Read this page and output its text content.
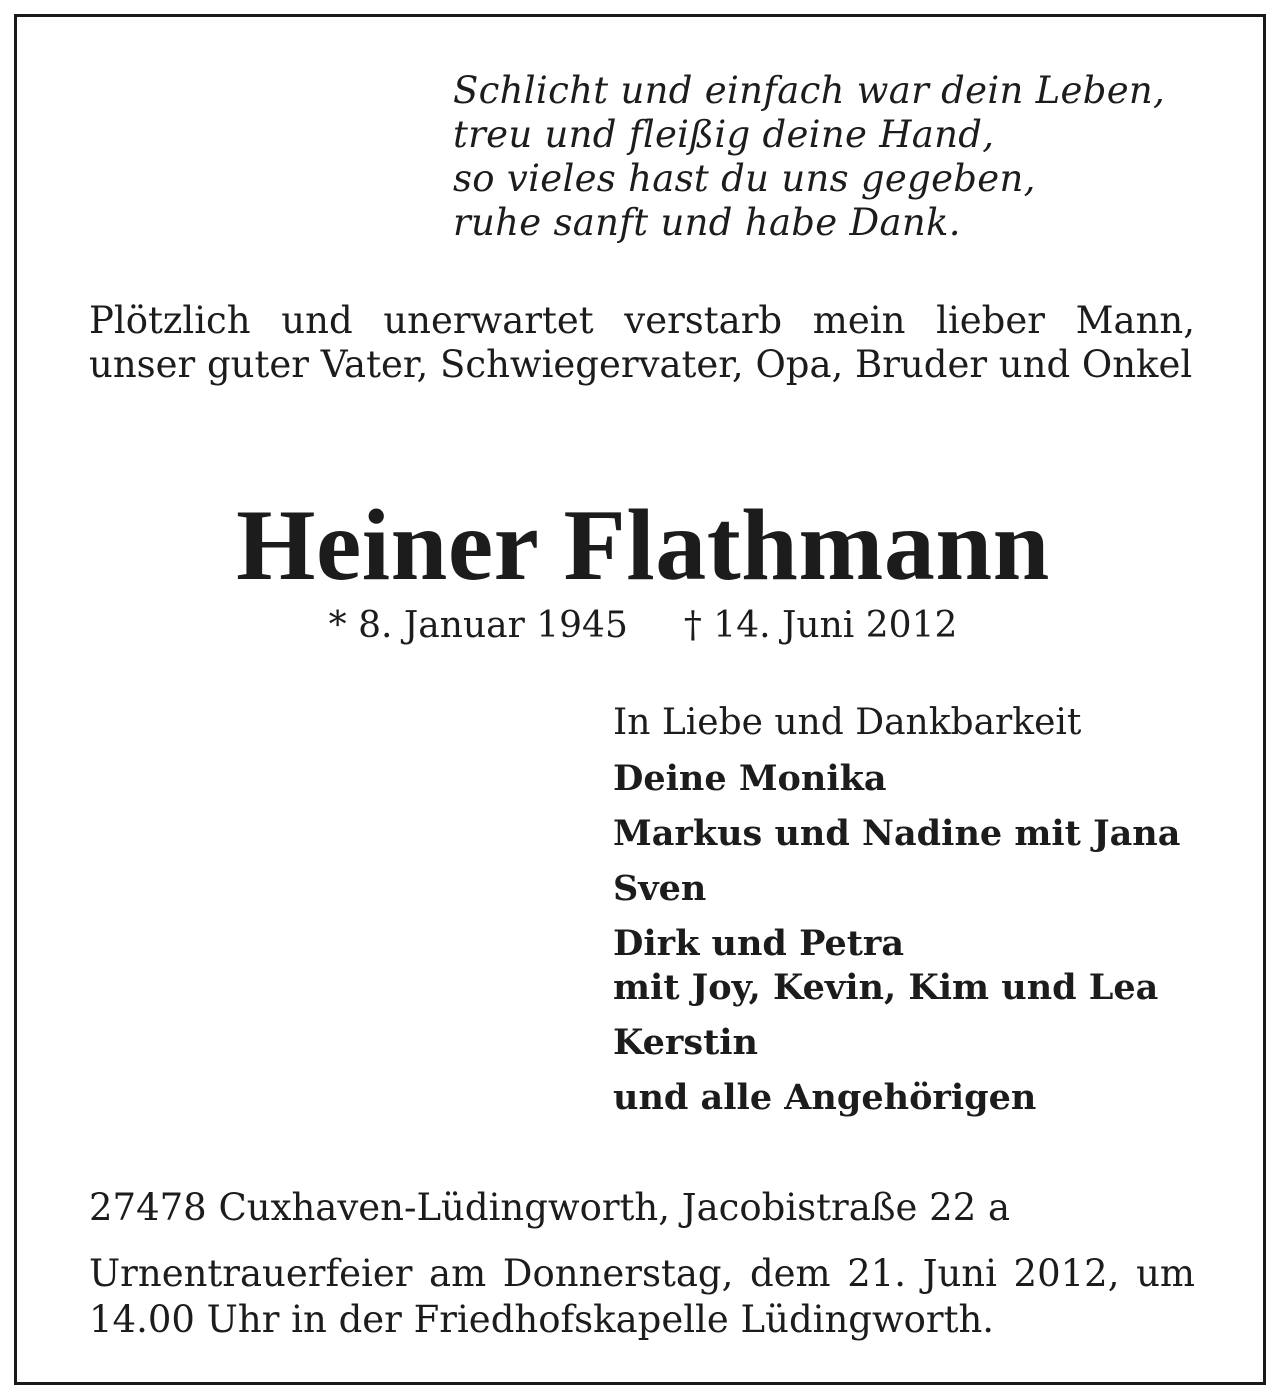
Schlicht und einfach war dein Leben,
treu und fleißig deine Hand,
so vieles hast du uns gegeben,
ruhe sanft und habe Dank.
Plötzlich und unerwartet verstarb mein lieber Mann, unser guter Vater, Schwiegervater, Opa, Bruder und Onkel
Heiner Flathmann
* 8. Januar 1945 † 14. Juni 2012
In Liebe und Dankbarkeit
Deine Monika
Markus und Nadine mit Jana
Sven
Dirk und Petra
mit Joy, Kevin, Kim und Lea
Kerstin
und alle Angehörigen
27478 Cuxhaven-Lüdingworth, Jacobistraße 22 a
Urnentrauerfeier am Donnerstag, dem 21. Juni 2012, um 14.00 Uhr in der Friedhofskapelle Lüdingworth.
